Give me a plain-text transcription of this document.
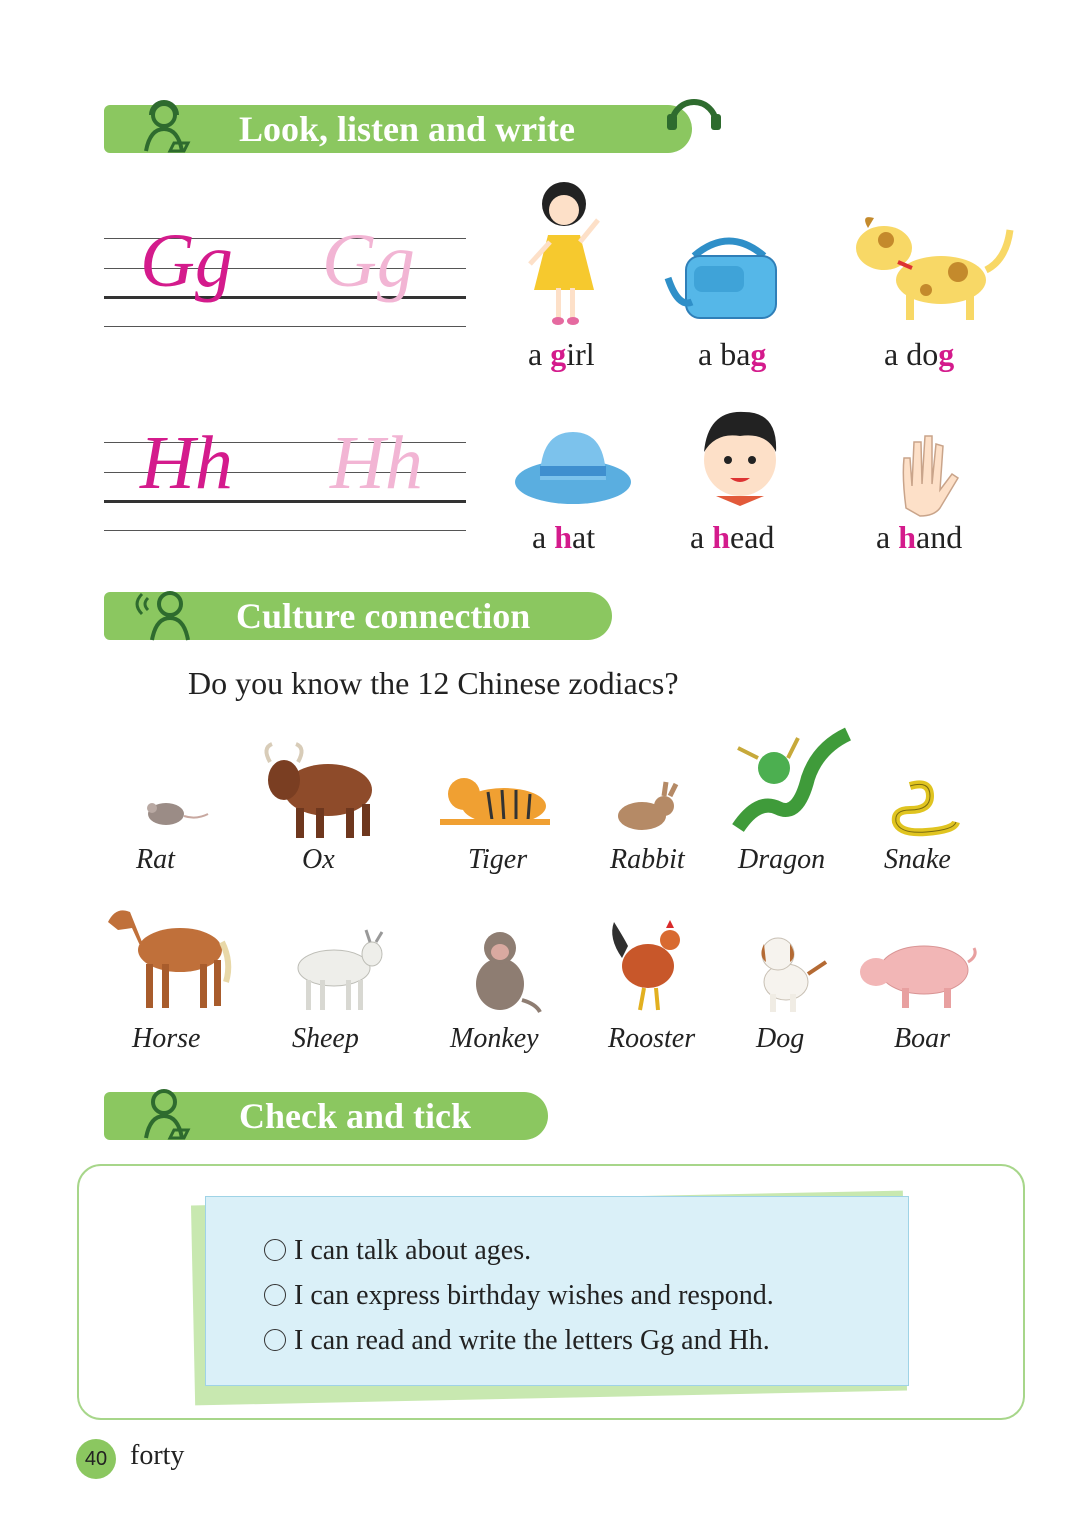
Look, listen and write
Gg Gg
Hh Hh
a girl	a bag	a dog
a hat	a head	a hand
Culture connection
Do you know the 12 Chinese zodiacs?
Rat	Ox	Tiger	Rabbit Dragon Snake
Horse	Sheep	Monkey Rooster Dog	Boar
Check and tick
I can talk about ages.
I can express birthday wishes and respond.
I can read and write the letters Gg and Hh.
40 forty
